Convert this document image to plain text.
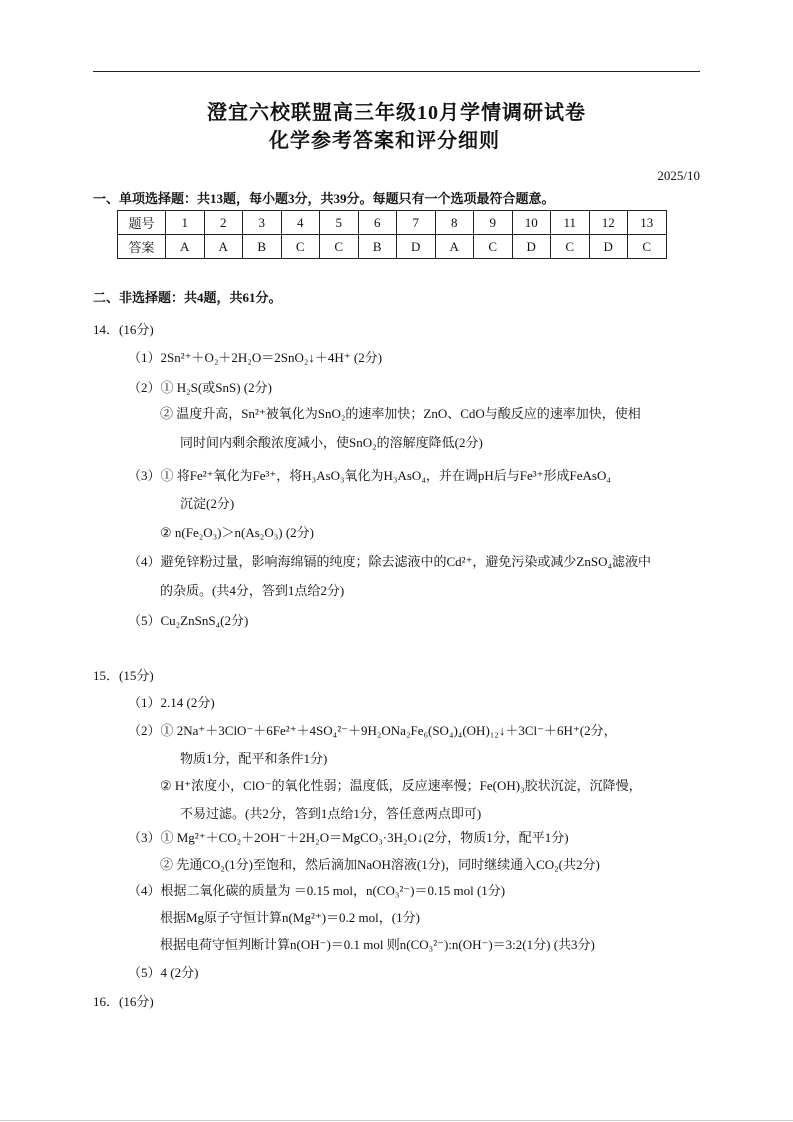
澄宜六校联盟高三年级10月学情调研试卷
化学参考答案和评分细则
2025/10
一、单项选择题：共13题，每小题3分，共39分。每题只有一个选项最符合题意。
题号	1	2	3	4	5	6	7	8	9	10	11	12	13
答案	A	A	B	C	C	B	D	A	C	D	C	D	C
二、非选择题：共4题，共61分。
14．(16分)
15．(15分)
16．(16分)
（1）2Sn²⁺＋O₂＋2H₂O＝2SnO₂↓＋4H⁺ (2分)
（2）① H₂S(或SnS) (2分)
② 温度升高，Sn²⁺被氧化为SnO₂的速率加快；ZnO、CdO与酸反应的速率加快，使相
同时间内剩余酸浓度减小，使SnO₂的溶解度降低(2分)
（3）① 将Fe²⁺氧化为Fe³⁺，将H₃AsO₃氧化为H₃AsO₄，并在调pH后与Fe³⁺形成FeAsO₄
沉淀(2分)
② n(Fe₂O₃)＞n(As₂O₃) (2分)
（4）避免锌粉过量，影响海绵镉的纯度；除去滤液中的Cd²⁺，避免污染或减少ZnSO₄滤液中
的杂质。(共4分，答到1点给2分)
（5）Cu₂ZnSnS₄(2分)
（1）2.14 (2分)
（2）① 2Na⁺＋3ClO⁻＋6Fe²⁺＋4SO₄²⁻＋9H₂ONa₂Fe₆(SO₄)₄(OH)₁₂↓＋3Cl⁻＋6H⁺(2分，
物质1分，配平和条件1分)
② H⁺浓度小，ClO⁻的氧化性弱；温度低，反应速率慢；Fe(OH)₃胶状沉淀，沉降慢，
不易过滤。(共2分，答到1点给1分，答任意两点即可)
（3）① Mg²⁺＋CO₂＋2OH⁻＋2H₂O＝MgCO₃·3H₂O↓(2分，物质1分，配平1分)
② 先通CO₂(1分)至饱和，然后滴加NaOH溶液(1分)，同时继续通入CO₂(共2分)
（4）根据二氧化碳的质量为 ＝0.15 mol，n(CO₃²⁻)＝0.15 mol (1分)
根据Mg原子守恒计算n(Mg²⁺)＝0.2 mol，(1分)
根据电荷守恒判断计算n(OH⁻)＝0.1 mol 则n(CO₃²⁻):n(OH⁻)＝3:2(1分) (共3分)
（5）4 (2分)
